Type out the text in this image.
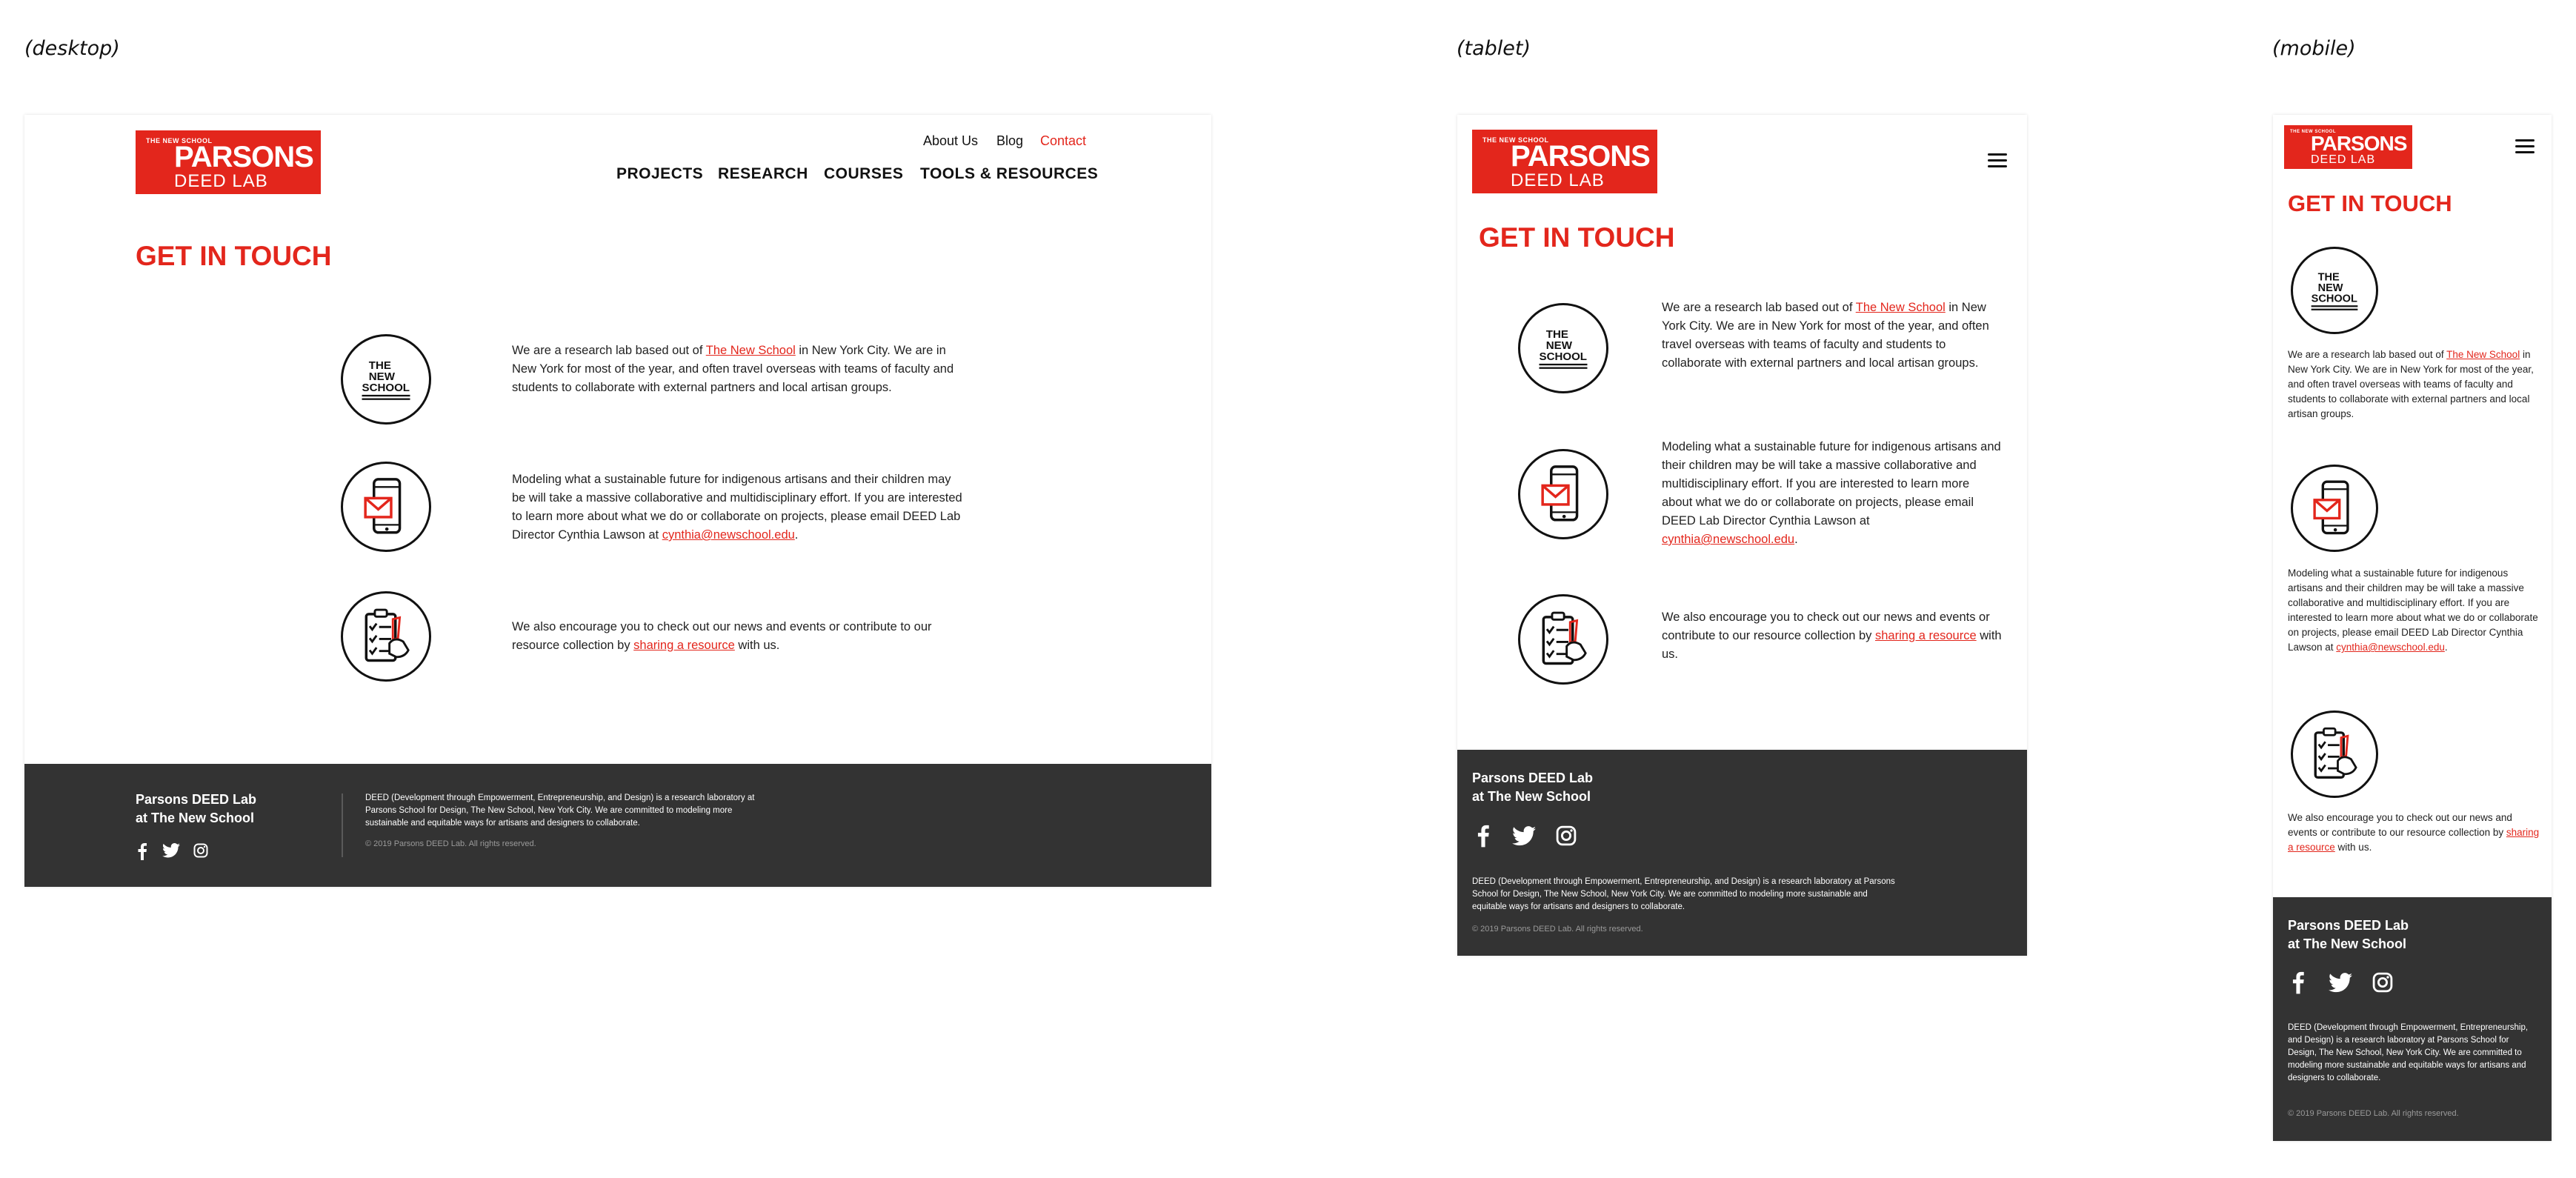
(desktop)	(tablet)	(mobile)
THE NEW SCHOOL
PARSONS
DEED LAB
About Us Blog Contact
PROJECTS RESEARCH COURSES TOOLS & RESOURCES
GET IN TOUCH
THE
NEW
SCHOOL
We are a research lab based out of The New School in New York City. We are in New York for most of the year, and often travel overseas with teams of faculty and students to collaborate with external partners and local artisan groups.
Modeling what a sustainable future for indigenous artisans and their children may be will take a massive collaborative and multidisciplinary effort. If you are interested to learn more about what we do or collaborate on projects, please email DEED Lab Director Cynthia Lawson at cynthia@newschool.edu.
We also encourage you to check out our news and events or contribute to our resource collection by sharing a resource with us.
Parsons DEED Lab
at The New School
DEED (Development through Empowerment, Entrepreneurship, and Design) is a research laboratory at Parsons School for Design, The New School, New York City. We are committed to modeling more sustainable and equitable ways for artisans and designers to collaborate.
© 2019 Parsons DEED Lab. All rights reserved.
THE NEW SCHOOL
PARSONS
DEED LAB
GET IN TOUCH
THE
NEW
SCHOOL
We are a research lab based out of The New School in New York City. We are in New York for most of the year, and often travel overseas with teams of faculty and students to collaborate with external partners and local artisan groups.
Modeling what a sustainable future for indigenous artisans and their children may be will take a massive collaborative and multidisciplinary effort. If you are interested to learn more about what we do or collaborate on projects, please email DEED Lab Director Cynthia Lawson at cynthia@newschool.edu.
We also encourage you to check out our news and events or contribute to our resource collection by sharing a resource with us.
Parsons DEED Lab
at The New School
DEED (Development through Empowerment, Entrepreneurship, and Design) is a research laboratory at Parsons School for Design, The New School, New York City. We are committed to modeling more sustainable and equitable ways for artisans and designers to collaborate.
© 2019 Parsons DEED Lab. All rights reserved.
THE NEW SCHOOL
PARSONS
DEED LAB
GET IN TOUCH
THE
NEW
SCHOOL
We are a research lab based out of The New School in New York City. We are in New York for most of the year, and often travel overseas with teams of faculty and students to collaborate with external partners and local artisan groups.
Modeling what a sustainable future for indigenous artisans and their children may be will take a massive collaborative and multidisciplinary effort. If you are interested to learn more about what we do or collaborate on projects, please email DEED Lab Director Cynthia Lawson at cynthia@newschool.edu.
We also encourage you to check out our news and events or contribute to our resource collection by sharing a resource with us.
Parsons DEED Lab
at The New School
DEED (Development through Empowerment, Entrepreneurship, and Design) is a research laboratory at Parsons School for Design, The New School, New York City. We are committed to modeling more sustainable and equitable ways for artisans and designers to collaborate.
© 2019 Parsons DEED Lab. All rights reserved.
